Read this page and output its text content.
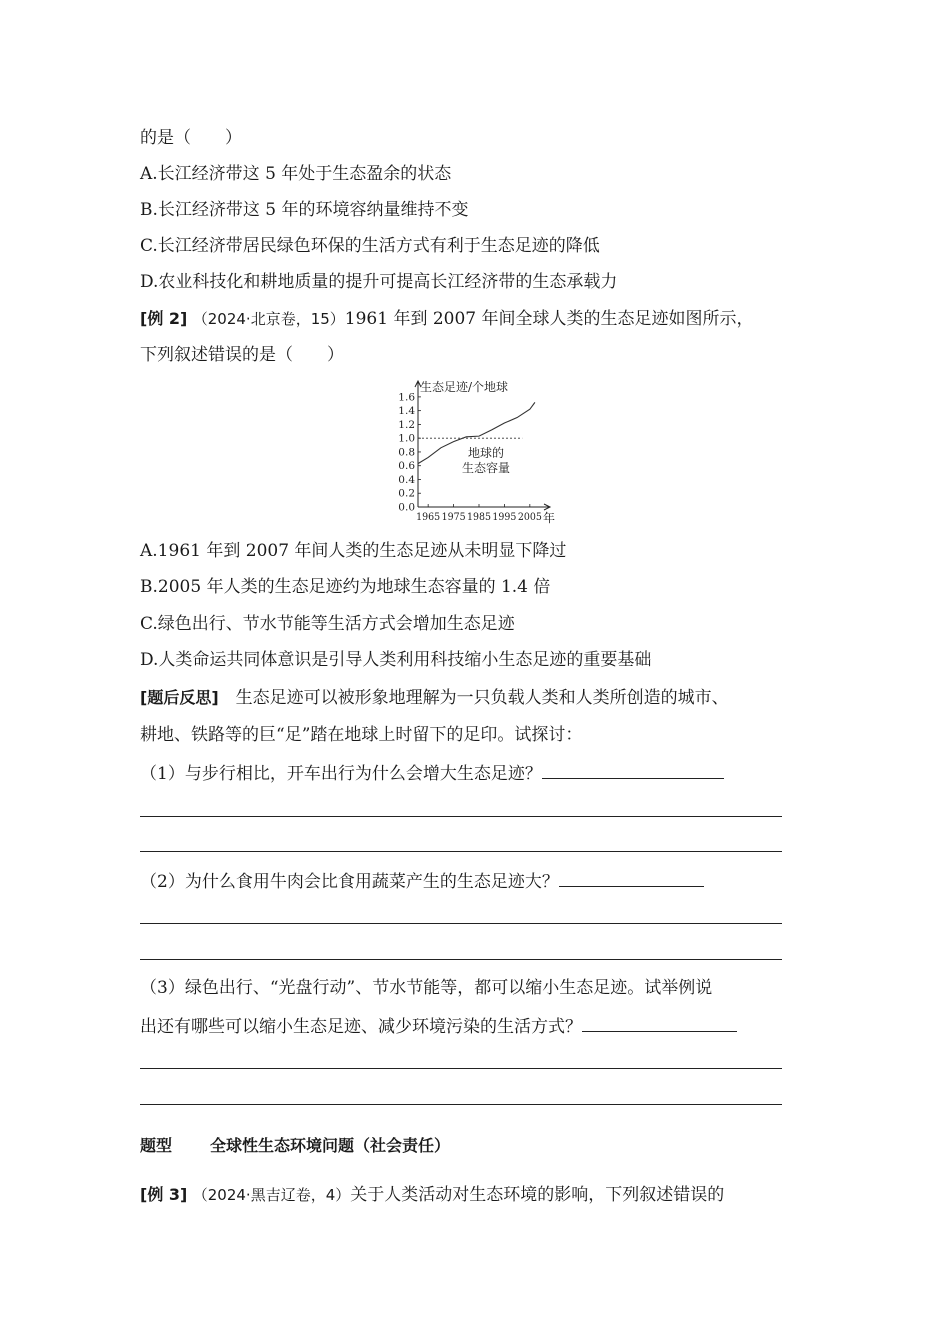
的是（　　）
A.长江经济带这 5 年处于生态盈余的状态
B.长江经济带这 5 年的环境容纳量维持不变
C.长江经济带居民绿色环保的生活方式有利于生态足迹的降低
D.农业科技化和耕地质量的提升可提高长江经济带的生态承载力
[例 2] （2024·北京卷，15）1961 年到 2007 年间全球人类的生态足迹如图所示，
下列叙述错误的是（　　）
0.0
0.2
0.4
0.6
0.8
1.0
1.2
1.4
1.6
1965 1975 1985 1995 2005
生态足迹/个地球
年
地球的
生态容量
A.1961 年到 2007 年间人类的生态足迹从未明显下降过
B.2005 年人类的生态足迹约为地球生态容量的 1.4 倍
C.绿色出行、节水节能等生活方式会增加生态足迹
D.人类命运共同体意识是引导人类利用科技缩小生态足迹的重要基础
[题后反思]　生态足迹可以被形象地理解为一只负载人类和人类所创造的城市、
耕地、铁路等的巨“足”踏在地球上时留下的足印。试探讨：
（1）与步行相比，开车出行为什么会增大生态足迹？
（2）为什么食用牛肉会比食用蔬菜产生的生态足迹大？
（3）绿色出行、“光盘行动”、节水节能等，都可以缩小生态足迹。试举例说
出还有哪些可以缩小生态足迹、减少环境污染的生活方式？
题型 全球性生态环境问题（社会责任）
[例 3] （2024·黑吉辽卷，4）关于人类活动对生态环境的影响，下列叙述错误的
